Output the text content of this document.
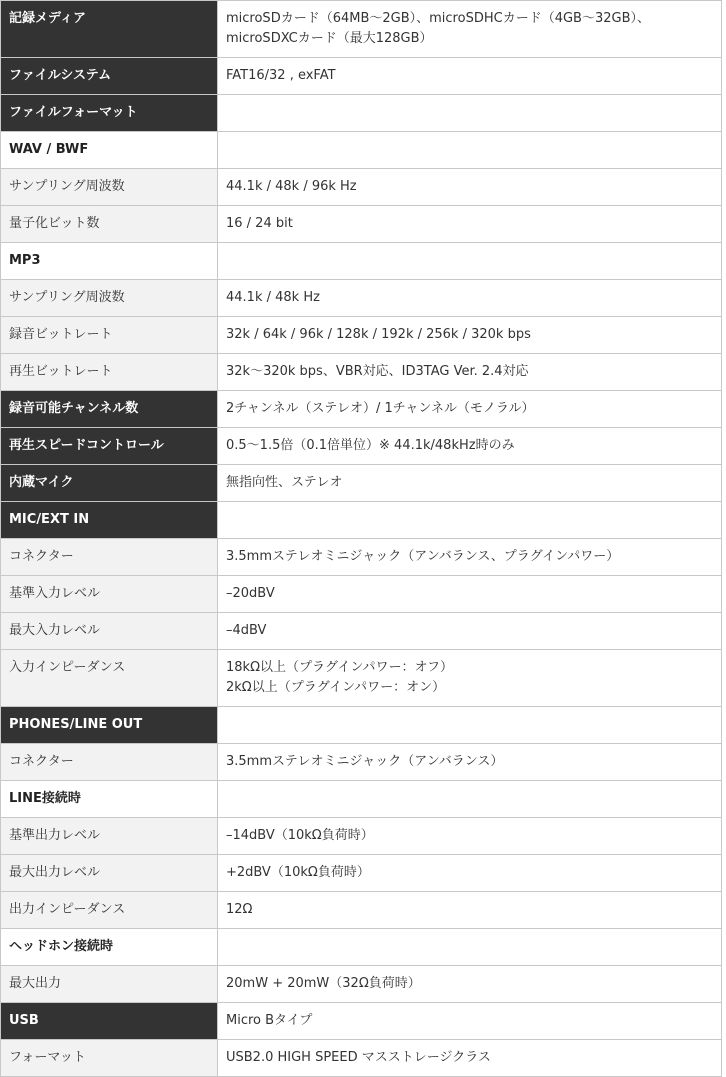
記録メディア	microSDカード（64MB〜2GB）、microSDHCカード（4GB〜32GB）、
microSDXCカード（最大128GB）

ファイルシステム	FAT16/32 , exFAT

ファイルフォーマット	

WAV / BWF	

サンプリング周波数	44.1k / 48k / 96k Hz

量子化ビット数	16 / 24 bit

MP3	

サンプリング周波数	44.1k / 48k Hz

録音ビットレート	32k / 64k / 96k / 128k / 192k / 256k / 320k bps

再生ビットレート	32k〜320k bps、VBR対応、ID3TAG Ver. 2.4対応

録音可能チャンネル数	2チャンネル（ステレオ）/ 1チャンネル（モノラル）

再生スピードコントロール	0.5〜1.5倍（0.1倍単位）※ 44.1k/48kHz時のみ

内蔵マイク	無指向性、ステレオ

MIC/EXT IN	

コネクター	3.5mmステレオミニジャック（アンバランス、プラグインパワー）

基準入力レベル	–20dBV

最大入力レベル	–4dBV

入力インピーダンス	18kΩ以上（プラグインパワー：オフ）
2kΩ以上（プラグインパワー：オン）

PHONES/LINE OUT	

コネクター	3.5mmステレオミニジャック（アンバランス）

LINE接続時	

基準出力レベル	–14dBV（10kΩ負荷時）

最大出力レベル	+2dBV（10kΩ負荷時）

出力インピーダンス	12Ω

ヘッドホン接続時	

最大出力	20mW + 20mW（32Ω負荷時）

USB	Micro Bタイプ

フォーマット	USB2.0 HIGH SPEED マスストレージクラス
